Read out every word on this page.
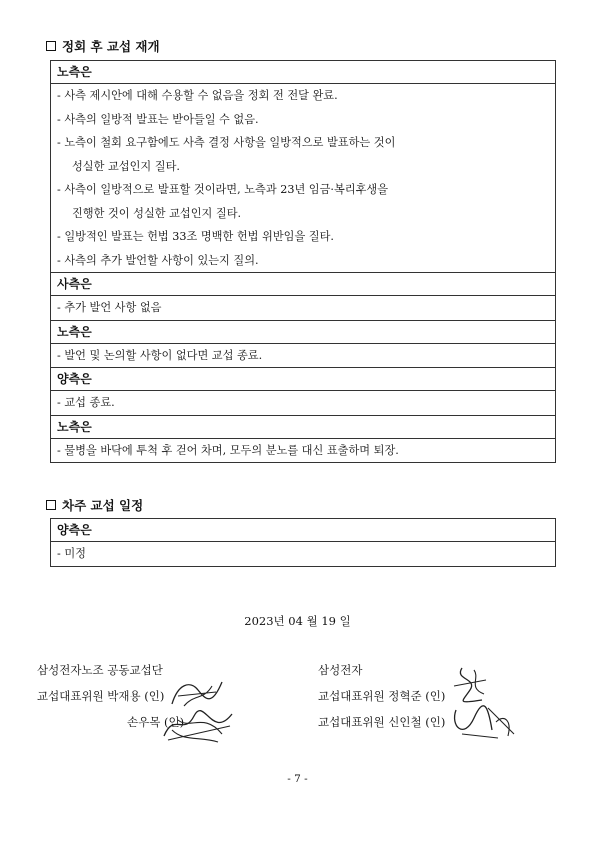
정회 후 교섭 재개
노측은

- 사측 제시안에 대해 수용할 수 없음을 정회 전 전달 완료.
- 사측의 일방적 발표는 받아들일 수 없음.
- 노측이 철회 요구함에도 사측 결정 사항을 일방적으로 발표하는 것이
성실한 교섭인지 질타.
- 사측이 일방적으로 발표할 것이라면, 노측과 23년 임금·복리후생을
진행한 것이 성실한 교섭인지 질타.
- 일방적인 발표는 헌법 33조 명백한 헌법 위반임을 질타.
- 사측의 추가 발언할 사항이 있는지 질의.

사측은

- 추가 발언 사항 없음

노측은

- 발언 및 논의할 사항이 없다면 교섭 종료.

양측은

- 교섭 종료.

노측은

- 물병을 바닥에 투척 후 걷어 차며, 모두의 분노를 대신 표출하며 퇴장.
차주 교섭 일정
양측은

- 미정
2023년 04 월 19 일
삼성전자노조 공동교섭단
교섭대표위원 박재용 (인)
손우목 (인)
삼성전자
교섭대표위원 정혁준 (인)
교섭대표위원 신인철 (인)
- 7 -
